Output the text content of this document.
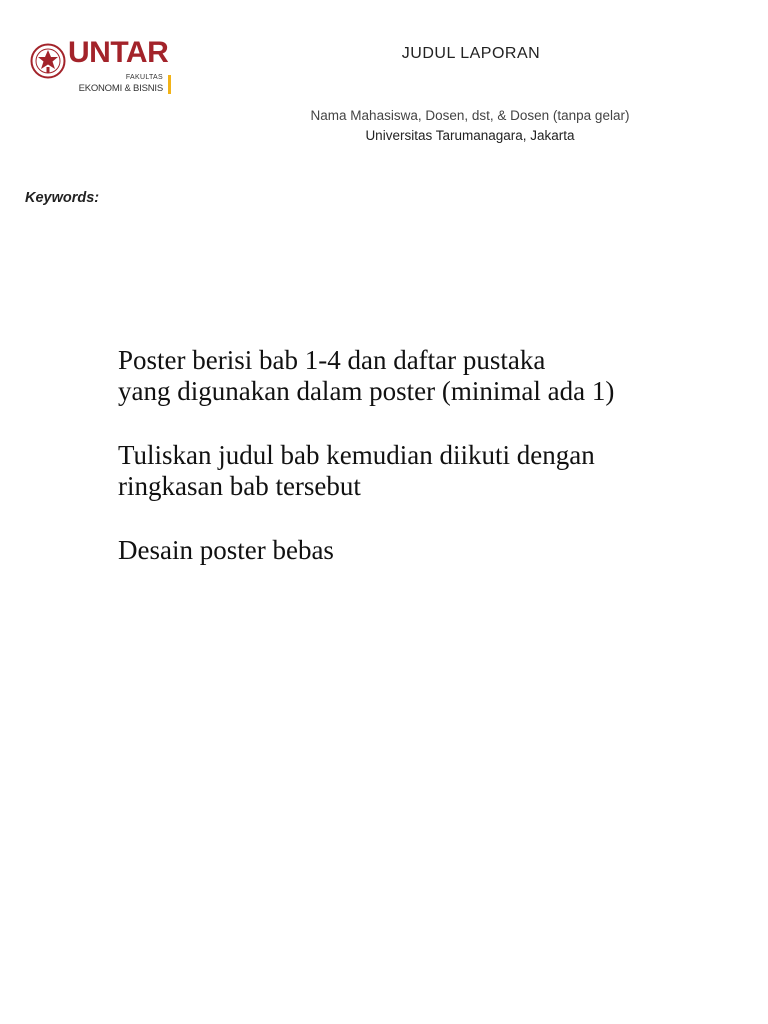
UNTAR
FAKULTAS
EKONOMI & BISNIS
JUDUL LAPORAN
Nama Mahasiswa, Dosen, dst, & Dosen (tanpa gelar)
Universitas Tarumanagara, Jakarta
Keywords:

Poster berisi bab 1-4 dan daftar pustaka
yang digunakan dalam poster (minimal ada 1)

Tuliskan judul bab kemudian diikuti dengan
ringkasan bab tersebut

Desain poster bebas
